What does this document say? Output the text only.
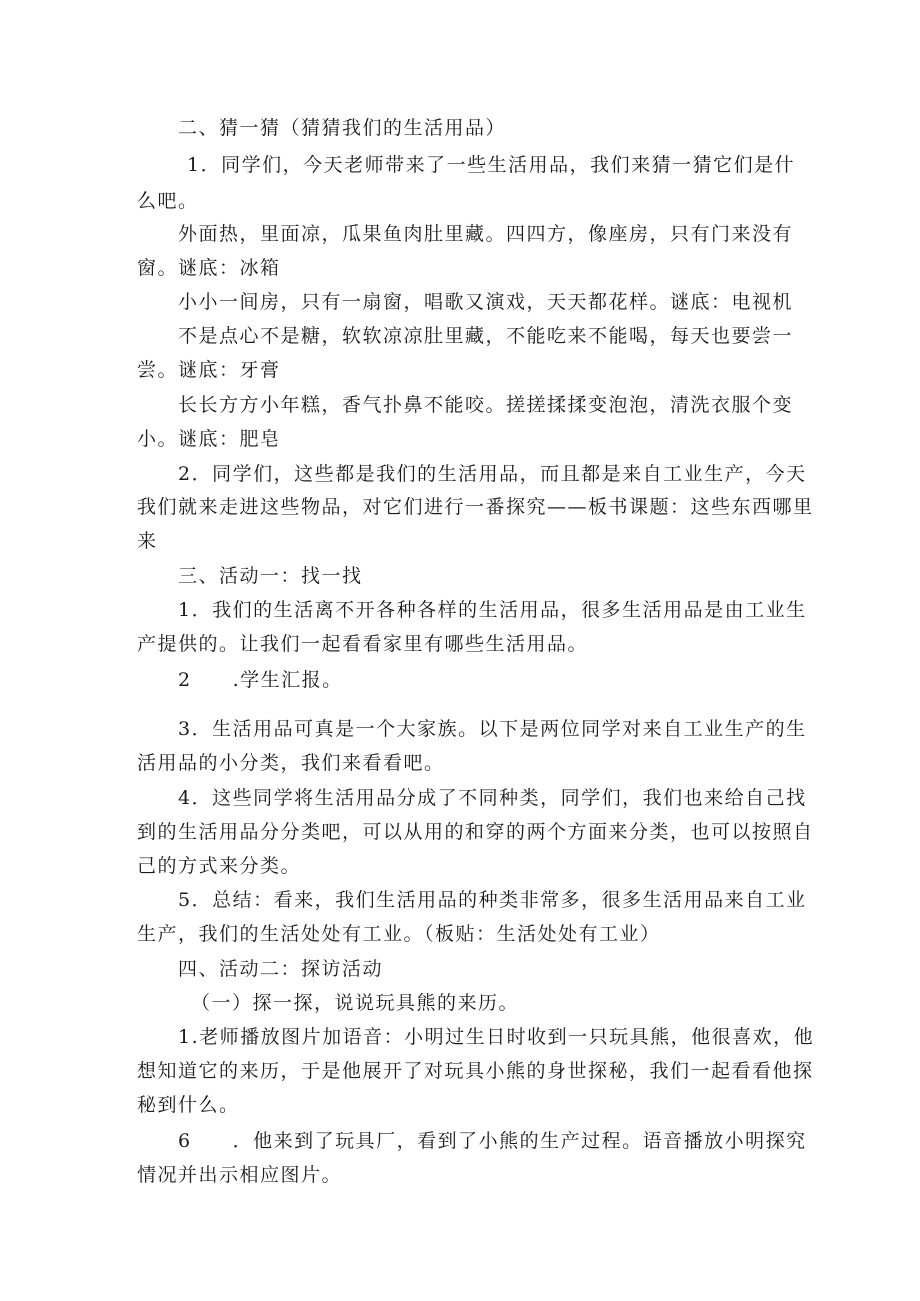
二、猜一猜（猜猜我们的生活用品）
1．同学们，今天老师带来了一些生活用品，我们来猜一猜它们是什
么吧。
外面热，里面凉，瓜果鱼肉肚里藏。四四方，像座房，只有门来没有
窗。谜底：冰箱
小小一间房，只有一扇窗，唱歌又演戏，天天都花样。谜底：电视机
不是点心不是糖，软软凉凉肚里藏，不能吃来不能喝，每天也要尝一
尝。谜底：牙膏
长长方方小年糕，香气扑鼻不能咬。搓搓揉揉变泡泡，清洗衣服个变
小。谜底：肥皂
2．同学们，这些都是我们的生活用品，而且都是来自工业生产，今天
我们就来走进这些物品，对它们进行一番探究——板书课题：这些东西哪里
来
三、活动一：找一找
1．我们的生活离不开各种各样的生活用品，很多生活用品是由工业生
产提供的。让我们一起看看家里有哪些生活用品。
2　　.学生汇报。
3．生活用品可真是一个大家族。以下是两位同学对来自工业生产的生
活用品的小分类，我们来看看吧。
4．这些同学将生活用品分成了不同种类，同学们，我们也来给自己找
到的生活用品分分类吧，可以从用的和穿的两个方面来分类，也可以按照自
己的方式来分类。
5．总结：看来，我们生活用品的种类非常多，很多生活用品来自工业
生产，我们的生活处处有工业。（板贴：生活处处有工业）
四、活动二：探访活动
（一）探一探，说说玩具熊的来历。
1.老师播放图片加语音：小明过生日时收到一只玩具熊，他很喜欢，他
想知道它的来历，于是他展开了对玩具小熊的身世探秘，我们一起看看他探
秘到什么。
6　　．他来到了玩具厂，看到了小熊的生产过程。语音播放小明探究
情况并出示相应图片。
